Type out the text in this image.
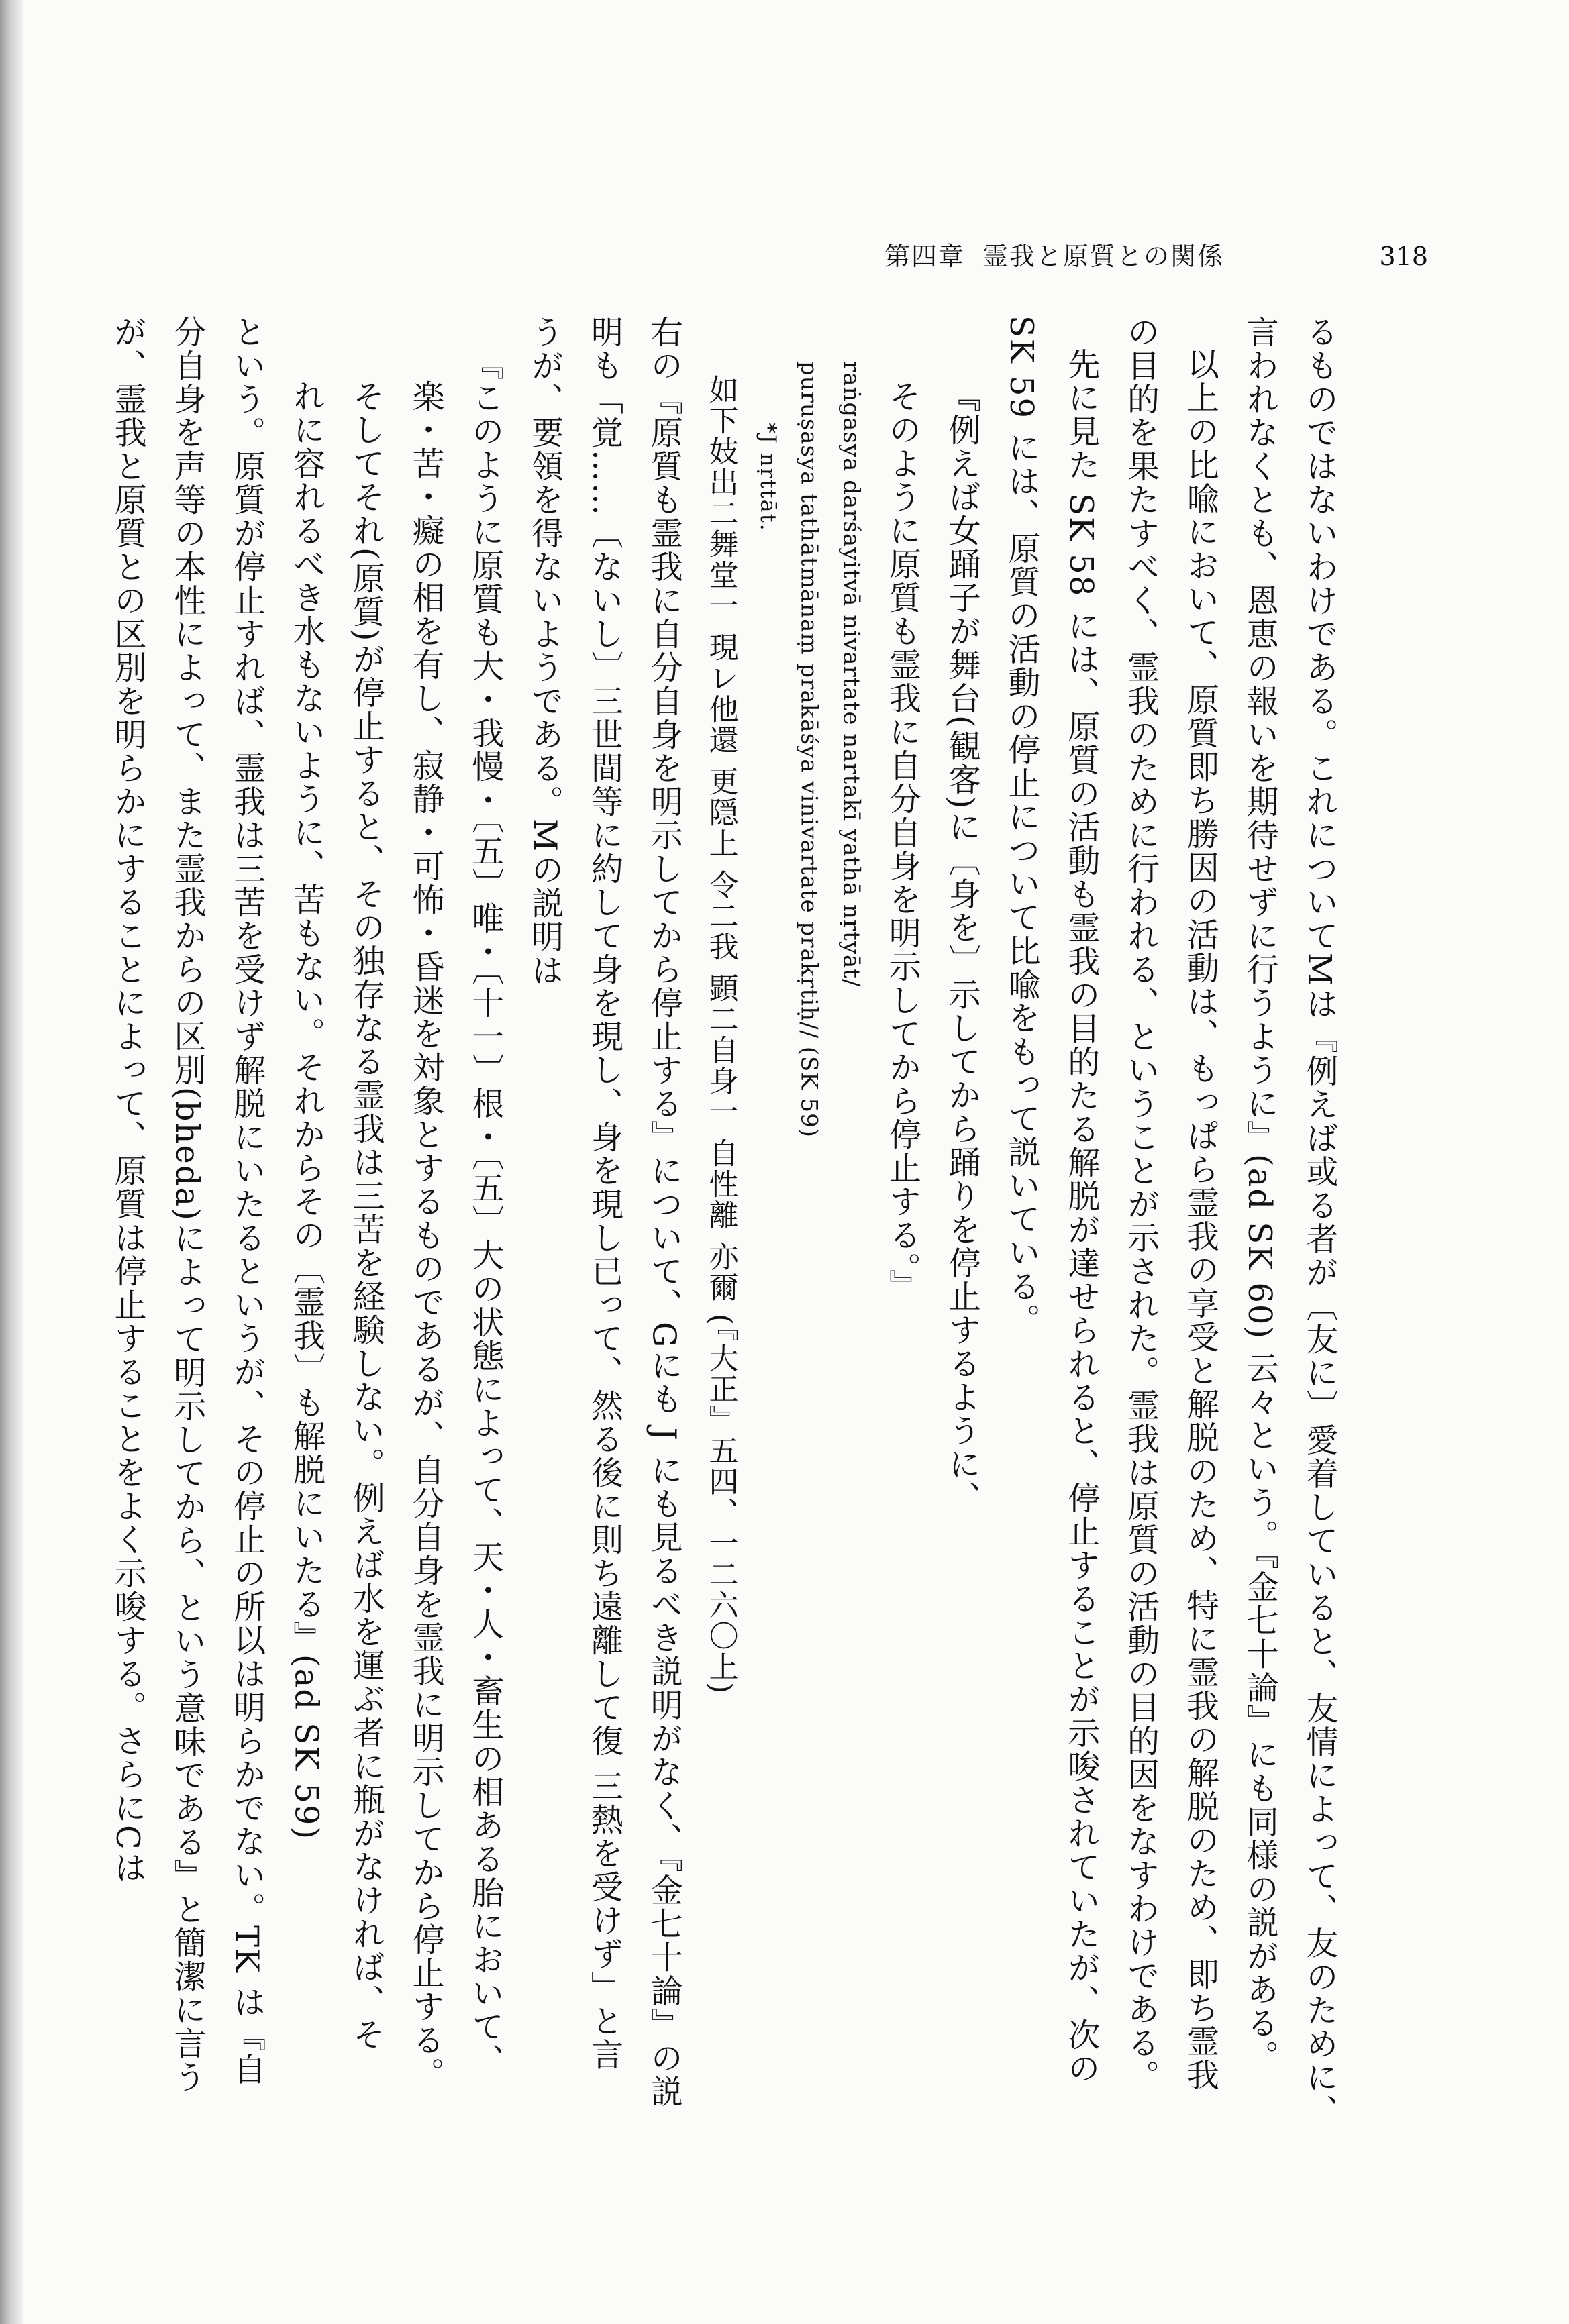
第四章 霊我と原質との関係	318

るものではないわけである。これについてMは『例えば或る者が〔友に〕愛着していると、友情によって、友のために、

言われなくとも、恩恵の報いを期待せずに行うように』(ad SK 60) 云々という。『金七十論』にも同様の説がある。

以上の比喩において、原質即ち勝因の活動は、もっぱら霊我の享受と解脱のため、特に霊我の解脱のため、即ち霊我

の目的を果たすべく、霊我のために行われる、ということが示された。霊我は原質の活動の目的因をなすわけである。

先に見た SK 58 には、原質の活動も霊我の目的たる解脱が達せられると、停止することが示唆されていたが、次の

SK 59 には、原質の活動の停止について比喩をもって説いている。

『例えば女踊子が舞台(観客)に〔身を〕示してから踊りを停止するように、

そのように原質も霊我に自分自身を明示してから停止する。』

raṅgasya darśayitvā nivartate nartakī yathā nṛtyāt/

puruṣasya tathātmānaṃ prakāśya vinivartate prakṛtiḥ// (SK 59)

*J nṛttāt.

如下妓出二舞堂一 現レ他還 更隠上 令二我 顕二自身一 自性離 亦爾 (『大正』五四、一二六〇上)

右の『原質も霊我に自分自身を明示してから停止する』について、Gにも J にも見るべき説明がなく、『金七十論』の説

明も「覚……〔ないし〕三世間等に約して身を現し、身を現し已って、然る後に則ち遠離して復 三熱を受けず」と言

うが、要領を得ないようである。Mの説明は

『このように原質も大・我慢・〔五〕唯・〔十一〕根・〔五〕大の状態によって、天・人・畜生の相ある胎において、

楽・苦・癡の相を有し、寂静・可怖・昏迷を対象とするものであるが、自分自身を霊我に明示してから停止する。

そしてそれ(原質)が停止すると、その独存なる霊我は三苦を経験しない。例えば水を運ぶ者に瓶がなければ、そ

れに容れるべき水もないように、苦もない。それからその〔霊我〕も解脱にいたる』(ad SK 59)

という。原質が停止すれば、霊我は三苦を受けず解脱にいたるというが、その停止の所以は明らかでない。TK は『自

分自身を声等の本性によって、また霊我からの区別(bheda)によって明示してから、という意味である』と簡潔に言う

が、霊我と原質との区別を明らかにすることによって、原質は停止することをよく示唆する。さらにCは
